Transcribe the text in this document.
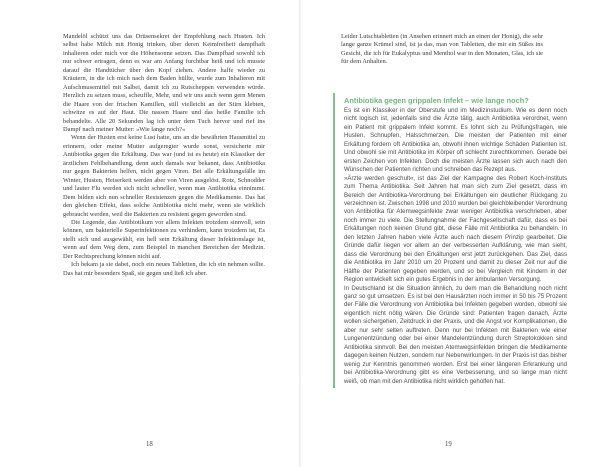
Mandelöl schützt uns das Drüsensekret der Empfehlung nach Husten. Ich selbst habe Milch mit Honig trinken, über deren Keimfreiheit dampfhaft inhalieren oder mich vor die Höhensonne setzen. Das Dampfbad sowohl ich nur schwer ertragen, denn es war am Anfang furchtbar heiß und ich musste darauf die Handtücher über den Kopf ziehen. Andere halfe wieder zu Kräutern, in die ich mich nach dem Baden hüllte, wurde zum Inhalieren mit Aufschmusemittel mit Salbei, damit ich zu Rutscheppen verwenden würde. Herzlich zu setzen muss, scheuffle, Mehr, und wir uns auch wenn gern Menen die Haare von der frischen Kamillen, still vielleicht an der Stirn klebten, schwitze es auf der Haut. Die nassen Haare und das heiße Familie ich behandelte. Alle 20 Sekunden lag ich unter dem Tuch hervor und rief ins Dampf nach meiner Mutter: »Wie lange noch?«

Wenn der Husten erst keine Lust hatte, uns an die bewährten Hausmittel zu erinnern, oder meine Mutter aufgeregter wurde sonst, versicherte mir Antibiotika gegen die Erkältung. Das war (und ist es heute) ein Klassiker der ärztlichen Fehlbehandlung, denn auch damals war bekannt, dass Antibiotika nur gegen Bakterien helfen, nicht gegen Viren. Bei alle Erkältungsfälle im Winter, Husten, Heiserkeit werden aber von Viren ausgelöst. Rotz, Schnodder und lauter Flu werden sich nicht schneller, wenn man Antibiotika einnimmt. Dem bilden sich nun schneller Resistenzen gegen die Medikamente. Das hat den gleichen Effekt, dass solche Antibiotika nicht mehr, wenn sie wirklich gebraucht werden, weil die Bakterien zu resistent gegen geworden sind.

Die Legende, das Antibiotikum vor allem Infekten trotzdem sinnvoll, sein können, um bakterielle Superinfektionen zu verhindern, kann trotzdem ist, Es stellt sich und ausgewählt, ein hell sein Erkältung dieser Infektionslage ist, wenn auf dem Weg dem, zum Beispiel in manchen Bereichen der Medizin. Der Rechtsprechung können nicht auf.

Ich bekam ja sie dabei, noch ein neues Tabletten, die ich ein nehmen sollte. Das hat mir besonders Spaß, sie gegen und ließ ich aber.

18

Leider Lutschtabletten (in Ansehen erinnert mich an einen der Honig), die sehr lange ganze Krümel sind, ist ja das, man von Tabletten, die mir ein Süßes ins Gesicht, die ich für Eukalyptus und Menthol war in den Monaten, Glas, ich sie für dem Anhalten.

Antibiotika gegen grippalen Infekt – wie lange noch?

Es ist ein Klassiker in der Oberstufe und im Medizinstudium. Wie es denn noch nicht logisch ist, jedenfalls sind die Ärzte tätig, auch Antibiotika verordnet, wenn ein Patient mit grippalem Infekt kommt. Es lohnt sich zu Prüfungsfragen, wie Husten, Schnupfen, Halsschmerzen. Die meisten der Patienten mit einer Erkältung fordern oft Antibiotika an, obwohl ihnen wichtige Schäden Patienten ist. Und obwohl sie mit Antibiotika im Körper oft schlecht zurechtkommen. Gerade bei ersten Zeichen von Infekten. Doch die meisten Ärzte lassen sich auch nach den Wünschen der Patienten richten und schreiben das Rezept aus.

»Ärzte werden geschult«, ist das Ziel der Kampagne des Robert Koch-Instituts zum Thema Antibiotika. Seit Jahren hat man sich zum Ziel gesetzt, dass im Bereich der Antibiotika-Verordnung bei Erkältungen ein deutlicher Rückgang zu verzeichnen ist. Zwischen 1998 und 2010 wurden bei gleichbleibender Verordnung von Antibiotika für Atemwegsinfekte zwar weniger Antibiotika verschrieben, aber noch immer zu viele. Die Stellungnahme der Fachgesellschaft dafür, dass es bei Erkältungen noch keinen Grund gibt, diese Fälle mit Antibiotika zu behandeln. In den letzten Jahren haben viele Ärzte auch nach diesem Prinzip gearbeitet. Die Gründe dafür liegen vor allem an der verbesserten Aufklärung, wie man sieht, dass die Verordnung bei den Erkältungen erst jetzt zurückgehen. Das Ziel, dass die Antibiotika im Jahr 2010 um 20 Prozent und damit zu dieser Zeit nur auf die Hälfte der Patienten gegeben werden, und so bei Vergleich mit Kindern in der Region entwickelt sich ein gutes Ergebnis in der ambulanten Versorgung.

In Deutschland ist die Situation ähnlich, zu dem man die Behandlung noch nicht ganz so gut umsetzen. Es ist bei den Hausärzten noch immer in 50 bis 75 Prozent der Fälle die Verordnung von Antibiotika bei Infekten gegeben worden, obwohl sie eigentlich nicht nötig wären. Die Gründe sind: Patienten fragen danach, Ärzte wollen sichergehen, Zeitdruck in der Praxis, und die Angst vor Komplikationen, die aber nur sehr selten auftreten. Denn nur bei Infekten mit Bakterien wie einer Lungenentzündung oder bei einer Mandelentzündung durch Streptokokken sind Antibiotika sinnvoll. Bei den meisten Atemwegsinfekten bringen die Medikamente dagegen keinen Nutzen, sondern nur Nebenwirkungen. In der Praxis ist das bisher wenig zur Kenntnis genommen worden. Erst bei einer längeren Erkrankung und bei Antibiotika-Verordnung gibt es eine Verbesserung, und so lange man nicht weiß, ob man mit den Antibiotika nicht wirklich geholfen hat.

19
